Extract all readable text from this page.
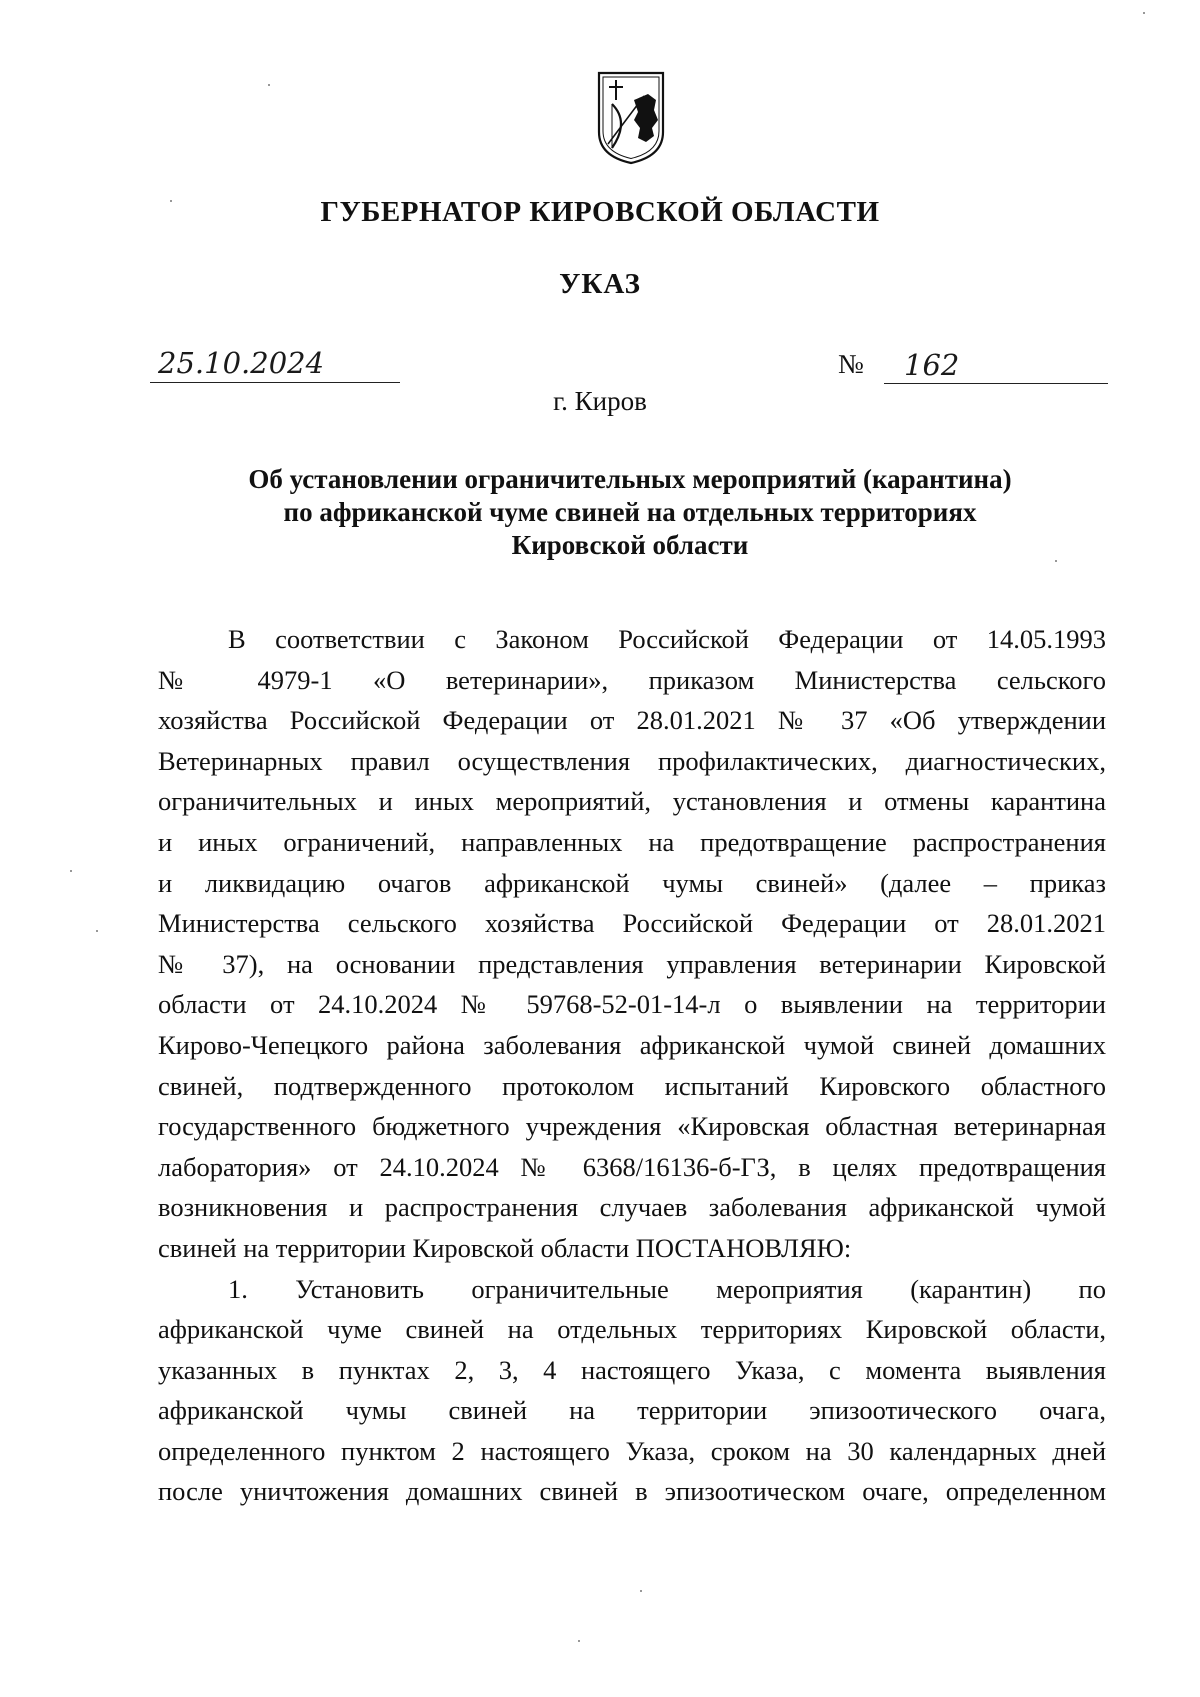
ГУБЕРНАТОР КИРОВСКОЙ ОБЛАСТИ
УКАЗ
25.10.2024	№ 162
г. Киров
Об установлении ограничительных мероприятий (карантина)
по африканской чуме свиней на отдельных территориях
Кировской области

В соответствии с Законом Российской Федерации от 14.05.1993
№ 4979-1 «О ветеринарии», приказом Министерства сельского
хозяйства Российской Федерации от 28.01.2021 № 37 «Об утверждении
Ветеринарных правил осуществления профилактических, диагностических,
ограничительных и иных мероприятий, установления и отмены карантина
и иных ограничений, направленных на предотвращение распространения
и ликвидацию очагов африканской чумы свиней» (далее – приказ
Министерства сельского хозяйства Российской Федерации от 28.01.2021
№ 37), на основании представления управления ветеринарии Кировской
области от 24.10.2024 № 59768-52-01-14-л о выявлении на территории
Кирово-Чепецкого района заболевания африканской чумой свиней домашних
свиней, подтвержденного протоколом испытаний Кировского областного
государственного бюджетного учреждения «Кировская областная ветеринарная
лаборатория» от 24.10.2024 № 6368/16136-б-ГЗ, в целях предотвращения
возникновения и распространения случаев заболевания африканской чумой
свиней на территории Кировской области ПОСТАНОВЛЯЮ:

1. Установить ограничительные мероприятия (карантин) по
африканской чуме свиней на отдельных территориях Кировской области,
указанных в пунктах 2, 3, 4 настоящего Указа, с момента выявления
африканской чумы свиней на территории эпизоотического очага,
определенного пунктом 2 настоящего Указа, сроком на 30 календарных дней
после уничтожения домашних свиней в эпизоотическом очаге, определенном
